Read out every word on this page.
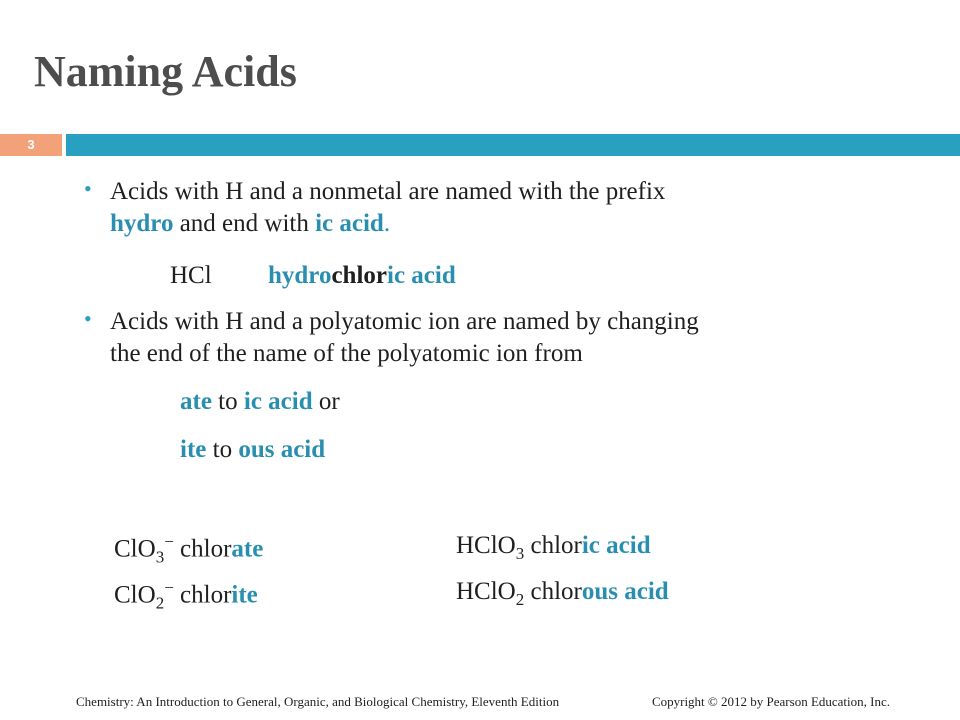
Naming Acids
3
• Acids with H and a nonmetal are named with the prefix
hydro and end with ic acid.
HCl hydrochloric acid
• Acids with H and a polyatomic ion are named by changing
the end of the name of the polyatomic ion from
ate to ic acid or
ite to ous acid
ClO$_3$− chlorate	HClO$_3$ chloric acid
ClO$_2$− chlorite	HClO$_2$ chlorous acid
Chemistry: An Introduction to General, Organic, and Biological Chemistry, Eleventh Edition	Copyright © 2012 by Pearson Education, Inc.
